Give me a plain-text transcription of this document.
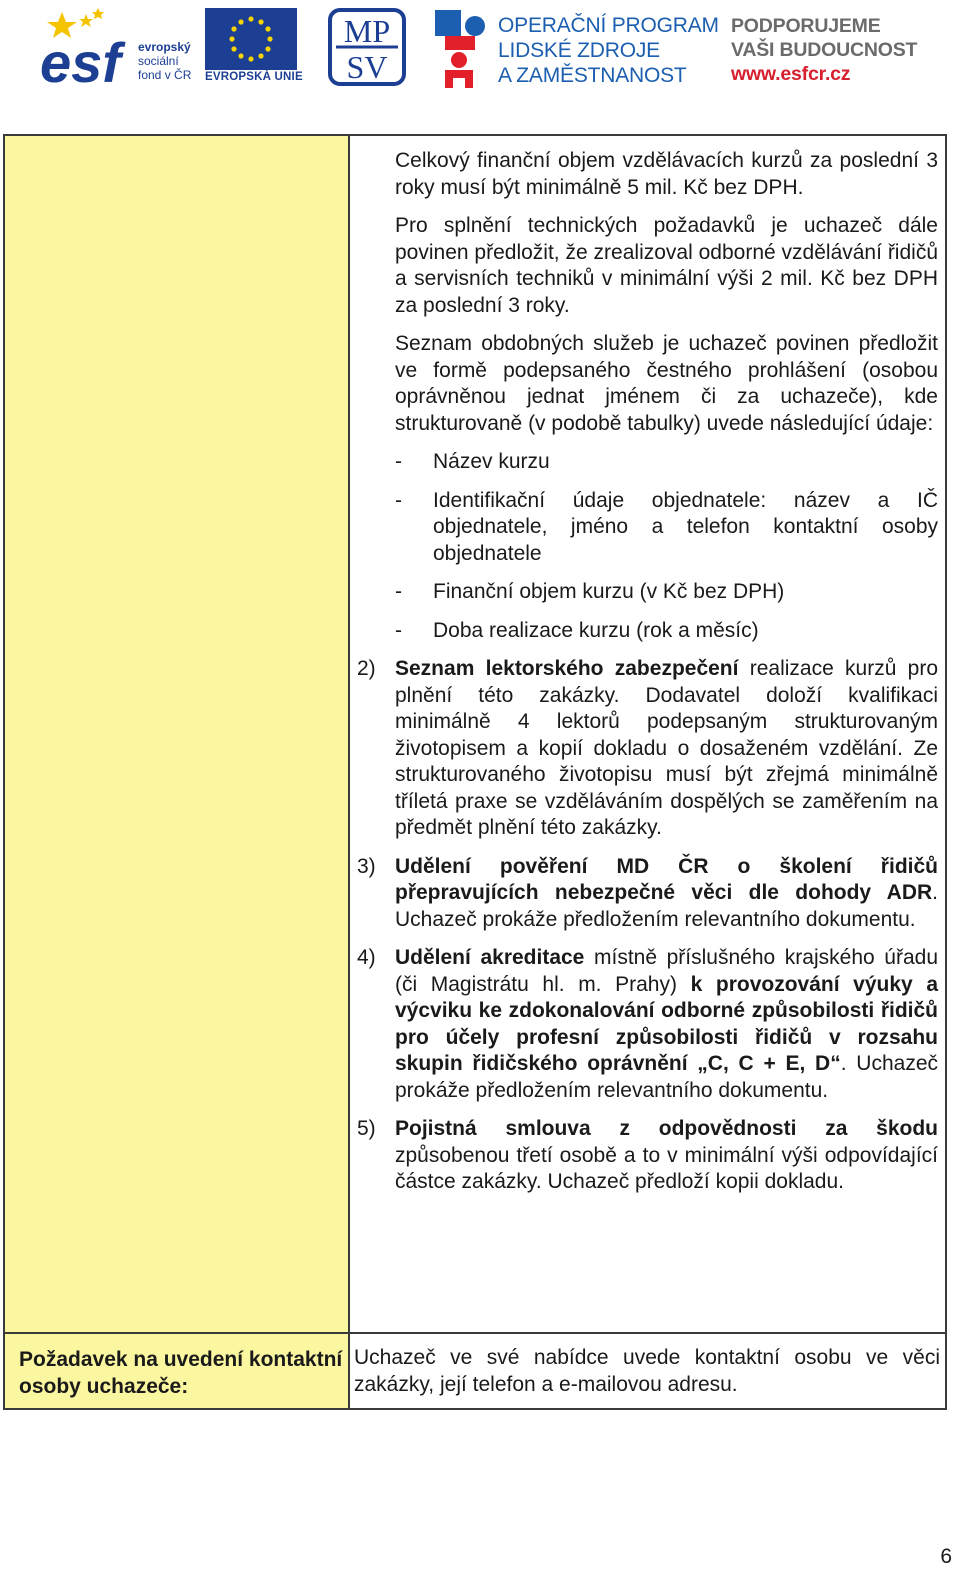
esf	evropský
sociální
fond v ČR EVROPSKÁ UNIE
MP
SV
OPERAČNÍ PROGRAM
LIDSKÉ ZDROJE
A ZAMĚSTNANOST
PODPORUJEME
VAŠI BUDOUCNOST
www.esfcr.cz
Požadavek na uvedení kontaktní osoby uchazeče:

Celkový finanční objem vzdělávacích kurzů za poslední 3 roky musí být minimálně 5 mil. Kč bez DPH.

Pro splnění technických požadavků je uchazeč dále povinen předložit, že zrealizoval odborné vzdělávání řidičů a servisních techniků v minimální výši 2 mil. Kč bez DPH za poslední 3 roky.

Seznam obdobných služeb je uchazeč povinen předložit ve formě podepsaného čestného prohlášení (osobou oprávněnou jednat jménem či za uchazeče), kde strukturovaně (v podobě tabulky) uvede následující údaje:

- Název kurzu
- Identifikační údaje objednatele: název a IČ objednatele, jméno a telefon kontaktní osoby objednatele
- Finanční objem kurzu (v Kč bez DPH)
- Doba realizace kurzu (rok a měsíc)
2) Seznam lektorského zabezpečení realizace kurzů pro plnění této zakázky. Dodavatel doloží kvalifikaci minimálně 4 lektorů podepsaným strukturovaným životopisem a kopií dokladu o dosaženém vzdělání. Ze strukturovaného životopisu musí být zřejmá minimálně tříletá praxe se vzděláváním dospělých se zaměřením na předmět plnění této zakázky.
3) Udělení pověření MD ČR o školení řidičů přepravujících nebezpečné věci dle dohody ADR. Uchazeč prokáže předložením relevantního dokumentu.
4) Udělení akreditace místně příslušného krajského úřadu (či Magistrátu hl. m. Prahy) k provozování výuky a výcviku ke zdokonalování odborné způsobilosti řidičů pro účely profesní způsobilosti řidičů v rozsahu skupin řidičského oprávnění „C, C + E, D“. Uchazeč prokáže předložením relevantního dokumentu.
5) Pojistná smlouva z odpovědnosti za škodu způsobenou třetí osobě a to v minimální výši odpovídající částce zakázky. Uchazeč předloží kopii dokladu.
Uchazeč ve své nabídce uvede kontaktní osobu ve věci zakázky, její telefon a e-mailovou adresu.
6
